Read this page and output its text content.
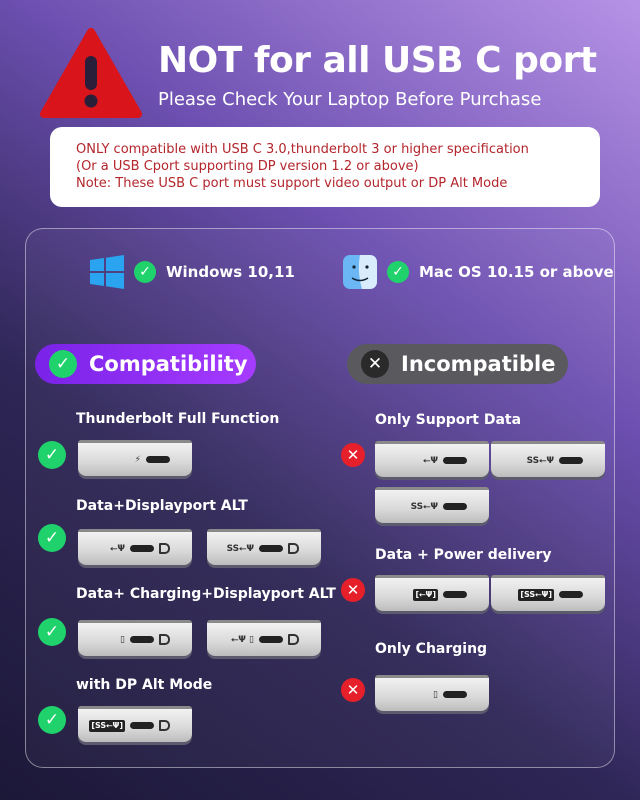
NOT for all USB C port
Please Check Your Laptop Before Purchase
ONLY compatible with USB C 3.0,thunderbolt 3 or higher specification
(Or a USB Cport supporting DP version 1.2 or above)
Note: These USB C port must support video output or DP Alt Mode
✓	Windows 10,11	✓	Mac OS 10.15 or above
✓ Compatibility	✕ Incompatible
Thunderbolt Full Function
✓	⚡
Data+Displayport ALT
✓
⭠Ψ	SS⭠Ψ
Data+ Charging+Displayport ALT
✓	▯	⭠Ψ ▯
with DP Alt Mode
✓	[SS⭠Ψ]
Only Support Data
✕	⭠Ψ	SS⭠Ψ
SS⭠Ψ
Data + Power delivery
✕	[⭠Ψ]	[SS⭠Ψ]
Only Charging
✕	▯
